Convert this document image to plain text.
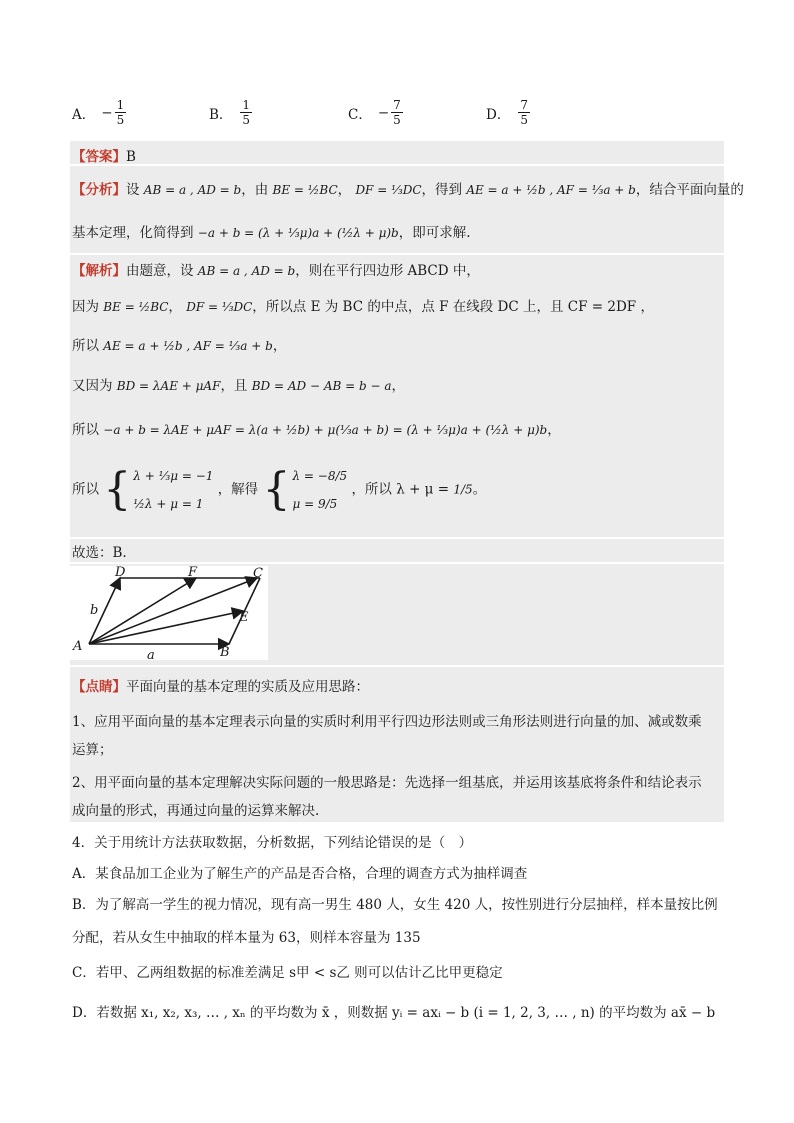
A． − $\frac{1}{5}$	B． $\frac{1}{5}$	C． − $\frac{7}{5}$	D． $\frac{7}{5}$
【答案】B
【分析】设 AB = a , AD = b，由 BE = ½BC， DF = ⅓DC，得到 AE = a + ½b , AF = ⅓a + b，结合平面向量的
基本定理，化简得到 −a + b = (λ + ⅓μ)a + (½λ + μ)b，即可求解.
【解析】由题意，设 AB = a , AD = b，则在平行四边形 ABCD 中，
因为 BE = ½BC， DF = ⅓DC，所以点 E 为 BC 的中点，点 F 在线段 DC 上，且 CF = 2DF ，
所以 AE = a + ½b , AF = ⅓a + b，
又因为 BD = λAE + μAF，且 BD = AD − AB = b − a，
所以 −a + b = λAE + μAF = λ(a + ½b) + μ(⅓a + b) = (λ + ⅓μ)a + (½λ + μ)b，
所以 { λ + ⅓μ = −1
½λ + μ = 1
，解得 { λ = −8/5
μ = 9/5
，所以 λ + μ = 1/5。
故选：B.
D	F	C
E
A	B
b
a
【点睛】平面向量的基本定理的实质及应用思路：
1、应用平面向量的基本定理表示向量的实质时利用平行四边形法则或三角形法则进行向量的加、减或数乘
运算；
2、用平面向量的基本定理解决实际问题的一般思路是：先选择一组基底，并运用该基底将条件和结论表示
成向量的形式，再通过向量的运算来解决.
4．关于用统计方法获取数据，分析数据，下列结论错误的是（　）
A．某食品加工企业为了解生产的产品是否合格，合理的调查方式为抽样调查
B．为了解高一学生的视力情况，现有高一男生 480 人，女生 420 人，按性别进行分层抽样，样本量按比例
分配，若从女生中抽取的样本量为 63，则样本容量为 135
C．若甲、乙两组数据的标准差满足 s甲 < s乙 则可以估计乙比甲更稳定
D．若数据 x₁, x₂, x₃, … , xₙ 的平均数为 x̄ ，则数据 yᵢ = axᵢ − b (i = 1, 2, 3, … , n) 的平均数为 ax̄ − b
